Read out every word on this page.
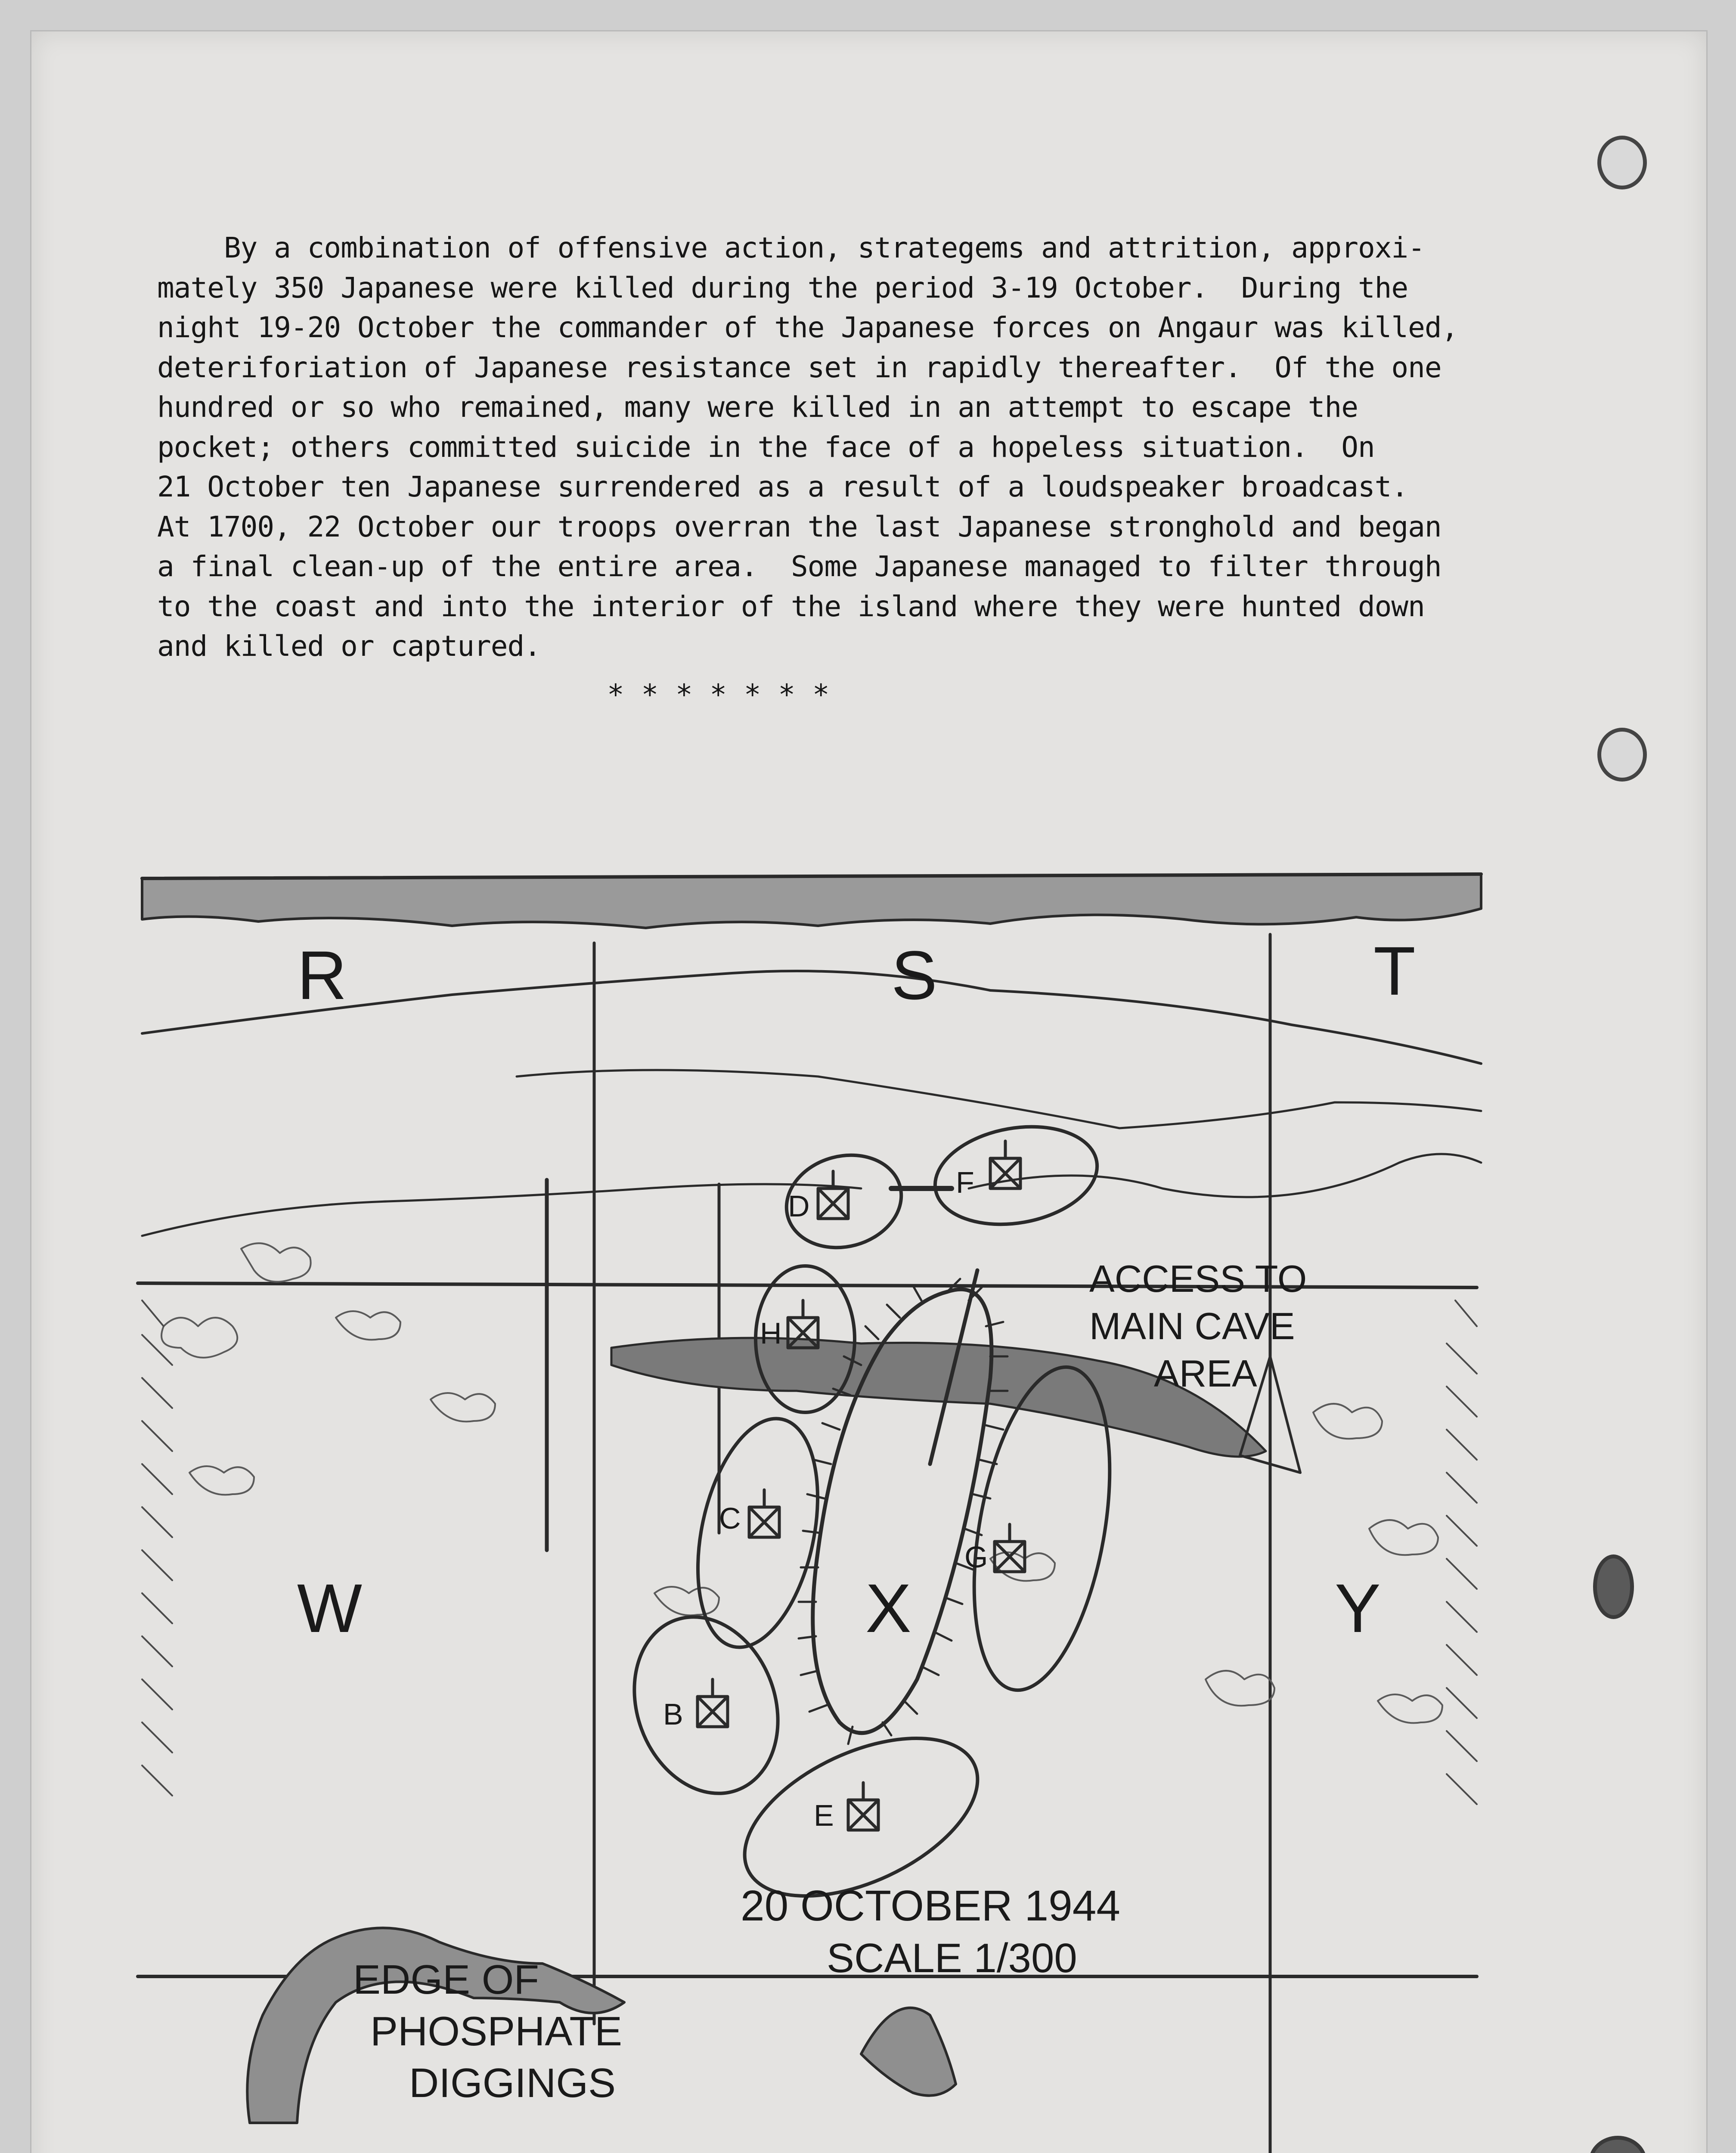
By a combination of offensive action, strategems and attrition, approxi-
mately 350 Japanese were killed during the period 3-19 October.  During the
night 19-20 October the commander of the Japanese forces on Angaur was killed,
deteriforiation of Japanese resistance set in rapidly thereafter.  Of the one
hundred or so who remained, many were killed in an attempt to escape the
pocket; others committed suicide in the face of a hopeless situation.  On
21 October ten Japanese surrendered as a result of a loudspeaker broadcast.
At 1700, 22 October our troops overran the last Japanese stronghold and began
a final clean-up of the entire area.  Some Japanese managed to filter through
to the coast and into the interior of the island where they were hunted down
and killed or captured.
* * * * * * *
R	S	T
W	X	Y
D
F
H
C
G
B
E
ACCESS TO
MAIN CAVE
AREA
20 OCTOBER 1944
SCALE 1/300
EDGE OF
PHOSPHATE
DIGGINGS
